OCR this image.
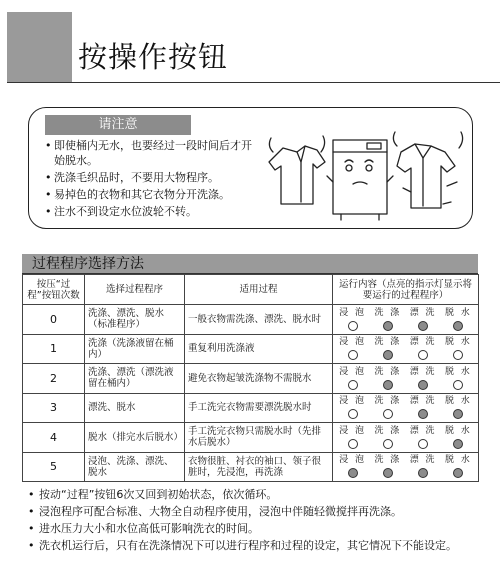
按操作按钮
请注意
• 即使桶内无水，也要经过一段时间后才开始脱水。
• 洗涤毛织品时，不要用大物程序。
• 易掉色的衣物和其它衣物分开洗涤。
• 注水不到设定水位波轮不转。
过程程序选择方法
按压“过程”按钮次数	选择过程程序	适用过程	运行内容（点亮的指示灯显示将要运行的过程程序）
0	洗涤、漂洗、脱水（标准程序）	一般衣物需洗涤、漂洗、脱水时	浸 泡 洗 涤 漂 洗 脱 水

1	洗涤（洗涤液留在桶内）	重复利用洗涤液	浸 泡 洗 涤 漂 洗 脱 水

2	洗涤、漂洗（漂洗液留在桶内）	避免衣物起皱洗涤物不需脱水	浸 泡 洗 涤 漂 洗 脱 水

3	漂洗、脱水	手工洗完衣物需要漂洗脱水时	浸 泡 洗 涤 漂 洗 脱 水

4	脱水（排完水后脱水）	手工洗完衣物只需脱水时（先排水后脱水）	浸 泡 洗 涤 漂 洗 脱 水

5	浸泡、洗涤、漂洗、脱水	衣物很脏、衬衣的袖口、领子很脏时，先浸泡，再洗涤	浸 泡 洗 涤 漂 洗 脱 水
• 按动“过程”按钮6次又回到初始状态，依次循环。
• 浸泡程序可配合标准、大物全自动程序使用，浸泡中伴随轻微搅拌再洗涤。
• 进水压力大小和水位高低可影响洗衣的时间。
• 洗衣机运行后，只有在洗涤情况下可以进行程序和过程的设定，其它情况下不能设定。
